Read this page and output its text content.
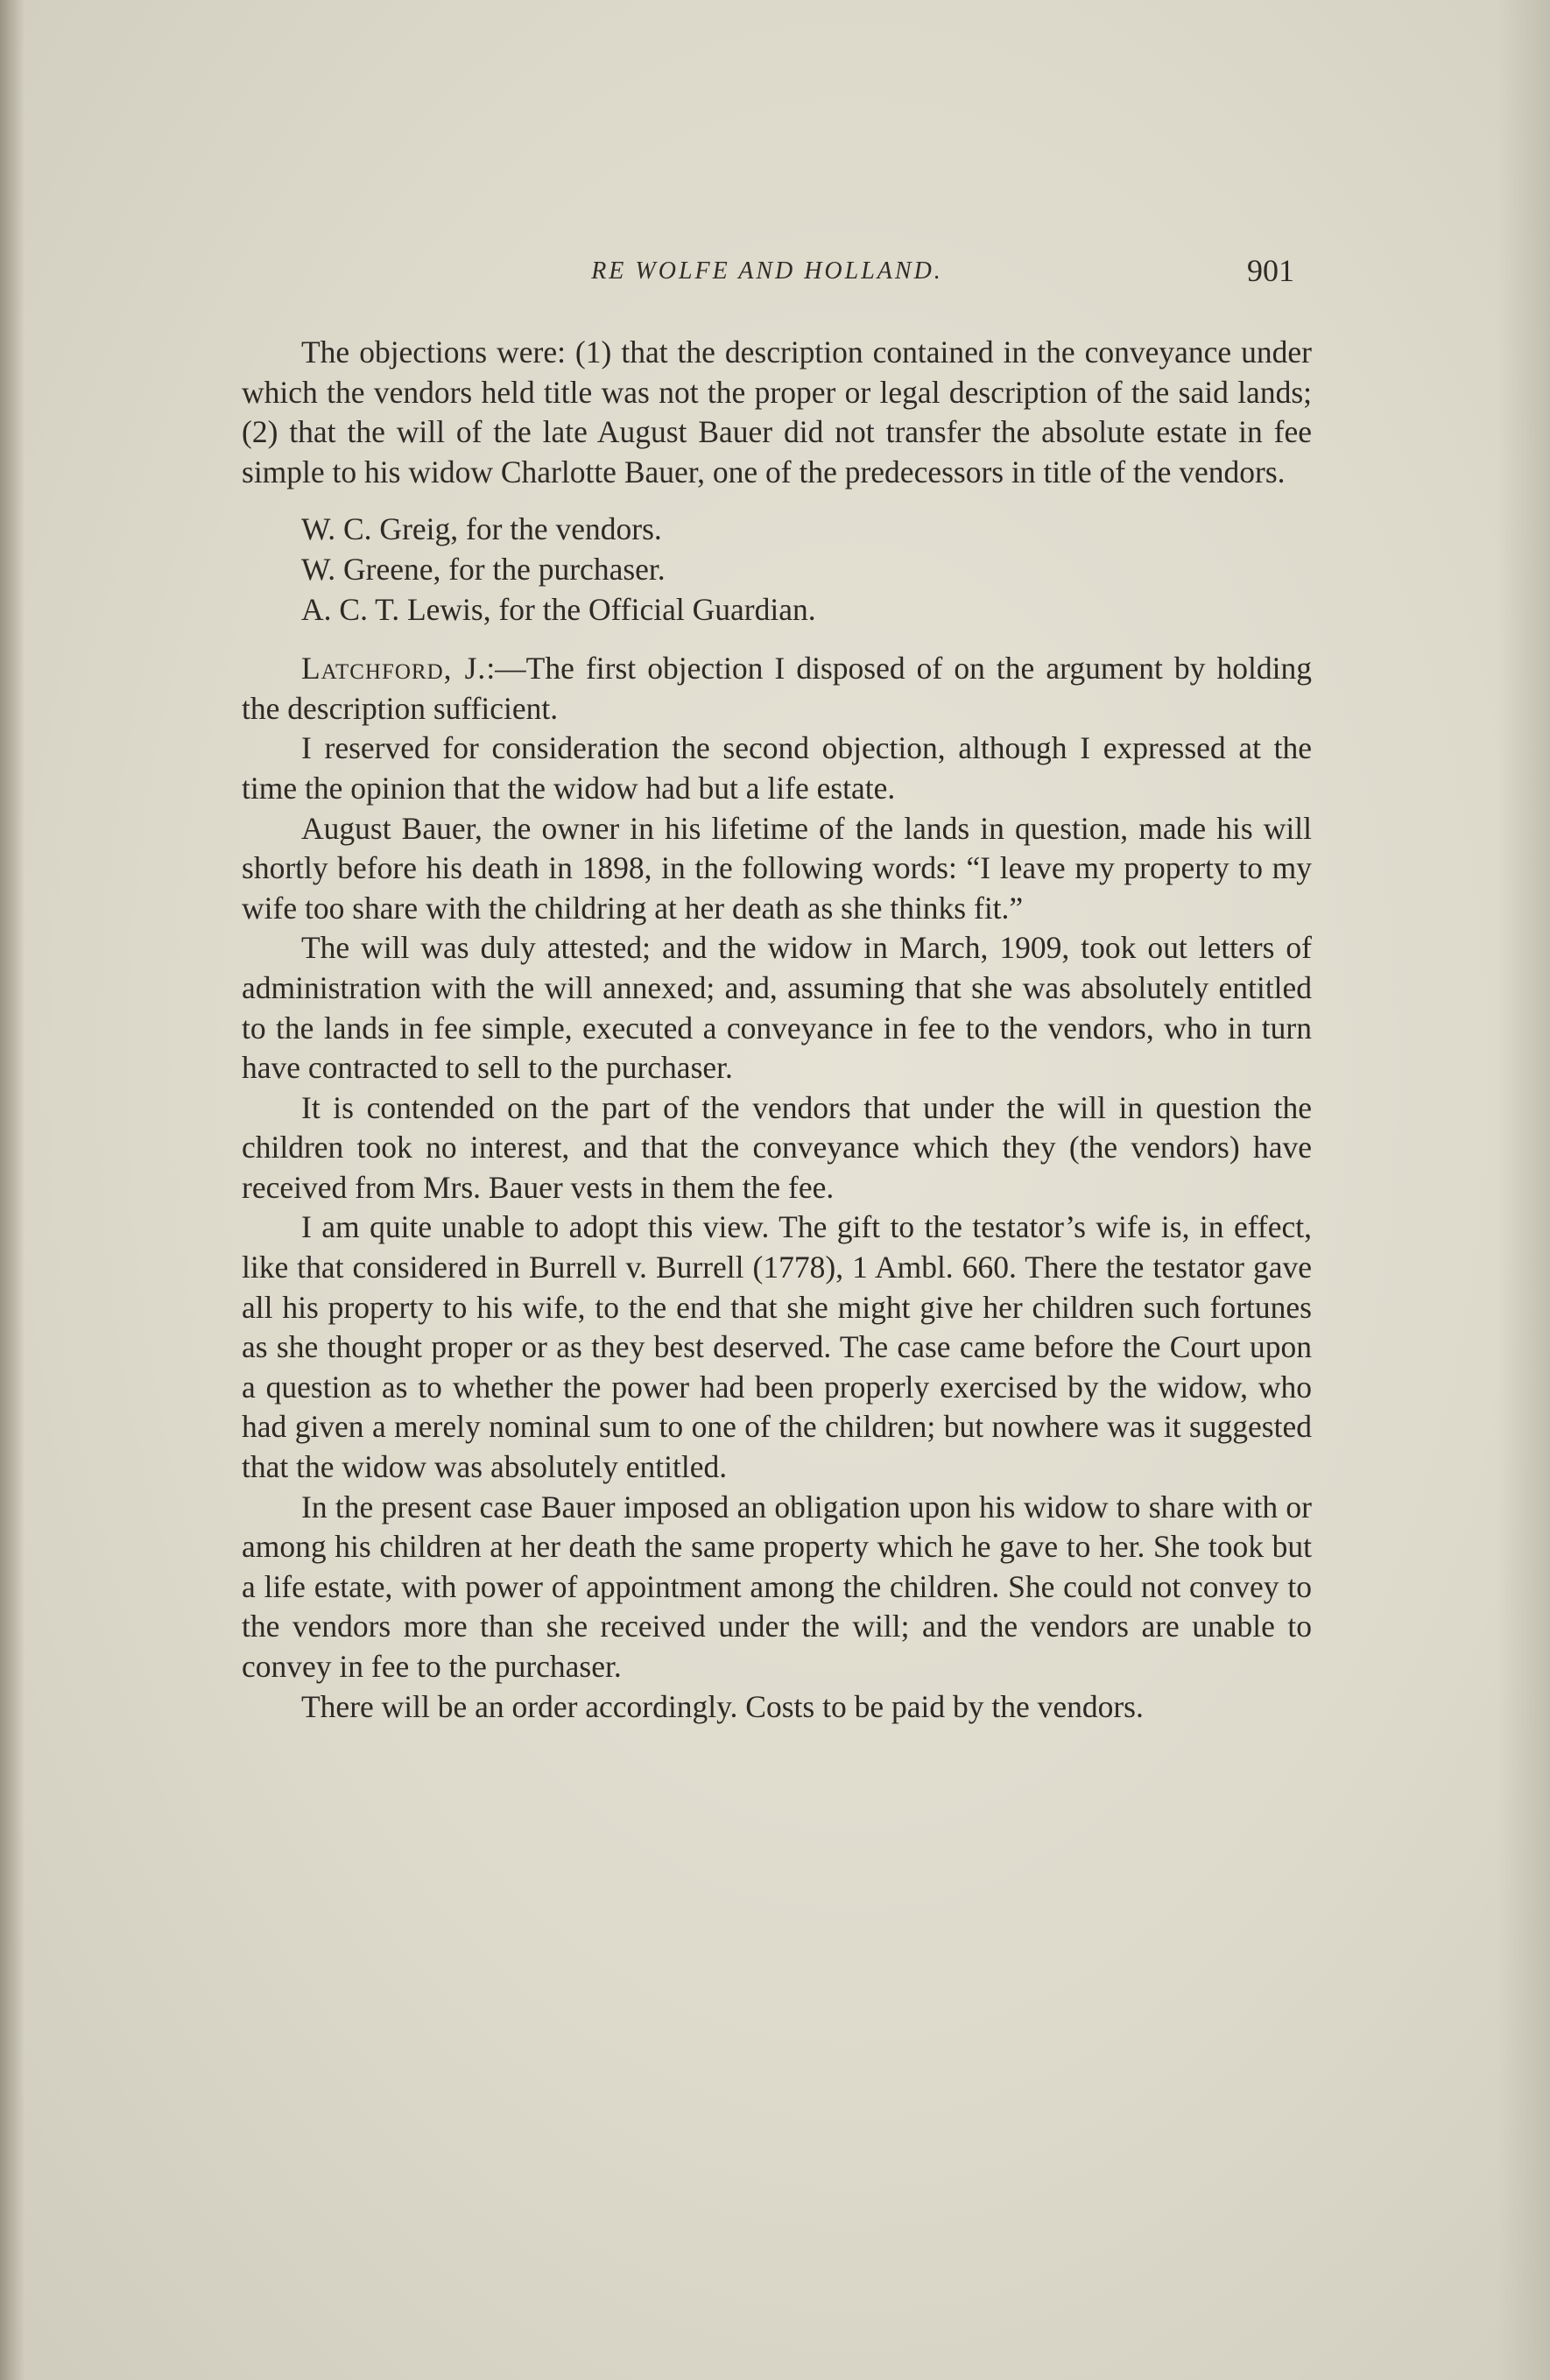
RE WOLFE AND HOLLAND.	901

The objections were: (1) that the description contained in the conveyance under which the vendors held title was not the proper or legal description of the said lands; (2) that the will of the late August Bauer did not transfer the absolute estate in fee simple to his widow Charlotte Bauer, one of the predecessors in title of the vendors.

W. C. Greig, for the vendors.
W. Greene, for the purchaser.
A. C. T. Lewis, for the Official Guardian.

Latchford, J.:—The first objection I disposed of on the argument by holding the description sufficient.

I reserved for consideration the second objection, although I expressed at the time the opinion that the widow had but a life estate.

August Bauer, the owner in his lifetime of the lands in question, made his will shortly before his death in 1898, in the following words: “I leave my property to my wife too share with the childring at her death as she thinks fit.”

The will was duly attested; and the widow in March, 1909, took out letters of administration with the will annexed; and, assuming that she was absolutely entitled to the lands in fee simple, executed a conveyance in fee to the vendors, who in turn have contracted to sell to the purchaser.

It is contended on the part of the vendors that under the will in question the children took no interest, and that the conveyance which they (the vendors) have received from Mrs. Bauer vests in them the fee.

I am quite unable to adopt this view. The gift to the testator’s wife is, in effect, like that considered in Burrell v. Burrell (1778), 1 Ambl. 660. There the testator gave all his property to his wife, to the end that she might give her children such fortunes as she thought proper or as they best deserved. The case came before the Court upon a question as to whether the power had been properly exercised by the widow, who had given a merely nominal sum to one of the children; but nowhere was it suggested that the widow was absolutely entitled.

In the present case Bauer imposed an obligation upon his widow to share with or among his children at her death the same property which he gave to her. She took but a life estate, with power of appointment among the children. She could not convey to the vendors more than she received under the will; and the vendors are unable to convey in fee to the purchaser.

There will be an order accordingly. Costs to be paid by the vendors.
